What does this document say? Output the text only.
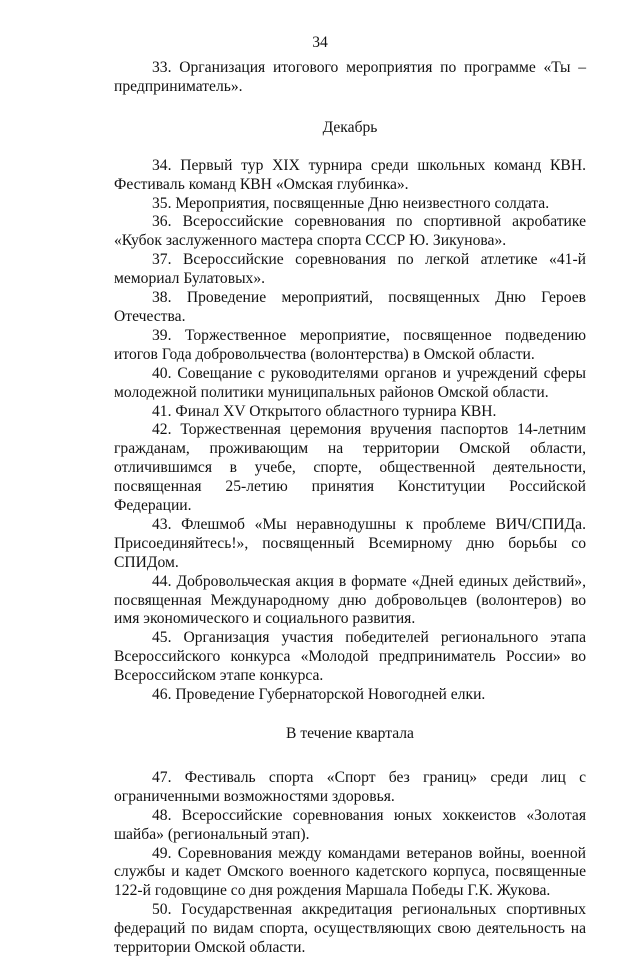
34

33. Организация итогового мероприятия по программе «Ты – предприниматель».

Декабрь

34. Первый тур XIX турнира среди школьных команд КВН. Фестиваль команд КВН «Омская глубинка».

35. Мероприятия, посвященные Дню неизвестного солдата.

36. Всероссийские соревнования по спортивной акробатике «Кубок заслуженного мастера спорта СССР Ю. Зикунова».

37. Всероссийские соревнования по легкой атлетике «41-й мемориал Булатовых».

38. Проведение мероприятий, посвященных Дню Героев Отечества.

39. Торжественное мероприятие, посвященное подведению итогов Года добровольчества (волонтерства) в Омской области.

40. Совещание с руководителями органов и учреждений сферы молодежной политики муниципальных районов Омской области.

41. Финал XV Открытого областного турнира КВН.

42. Торжественная церемония вручения паспортов 14-летним гражданам, проживающим на территории Омской области, отличившимся в учебе, спорте, общественной деятельности, посвященная 25-летию принятия Конституции Российской Федерации.

43. Флешмоб «Мы неравнодушны к проблеме ВИЧ/СПИДа. Присоединяйтесь!», посвященный Всемирному дню борьбы со СПИДом.

44. Добровольческая акция в формате «Дней единых действий», посвященная Международному дню добровольцев (волонтеров) во имя экономического и социального развития.

45. Организация участия победителей регионального этапа Всероссийского конкурса «Молодой предприниматель России» во Всероссийском этапе конкурса.

46. Проведение Губернаторской Новогодней елки.

В течение квартала

47. Фестиваль спорта «Спорт без границ» среди лиц с ограниченными возможностями здоровья.

48. Всероссийские соревнования юных хоккеистов «Золотая шайба» (региональный этап).

49. Соревнования между командами ветеранов войны, военной службы и кадет Омского военного кадетского корпуса, посвященные 122-й годовщине со дня рождения Маршала Победы Г.К. Жукова.

50. Государственная аккредитация региональных спортивных федераций по видам спорта, осуществляющих свою деятельность на территории Омской области.
